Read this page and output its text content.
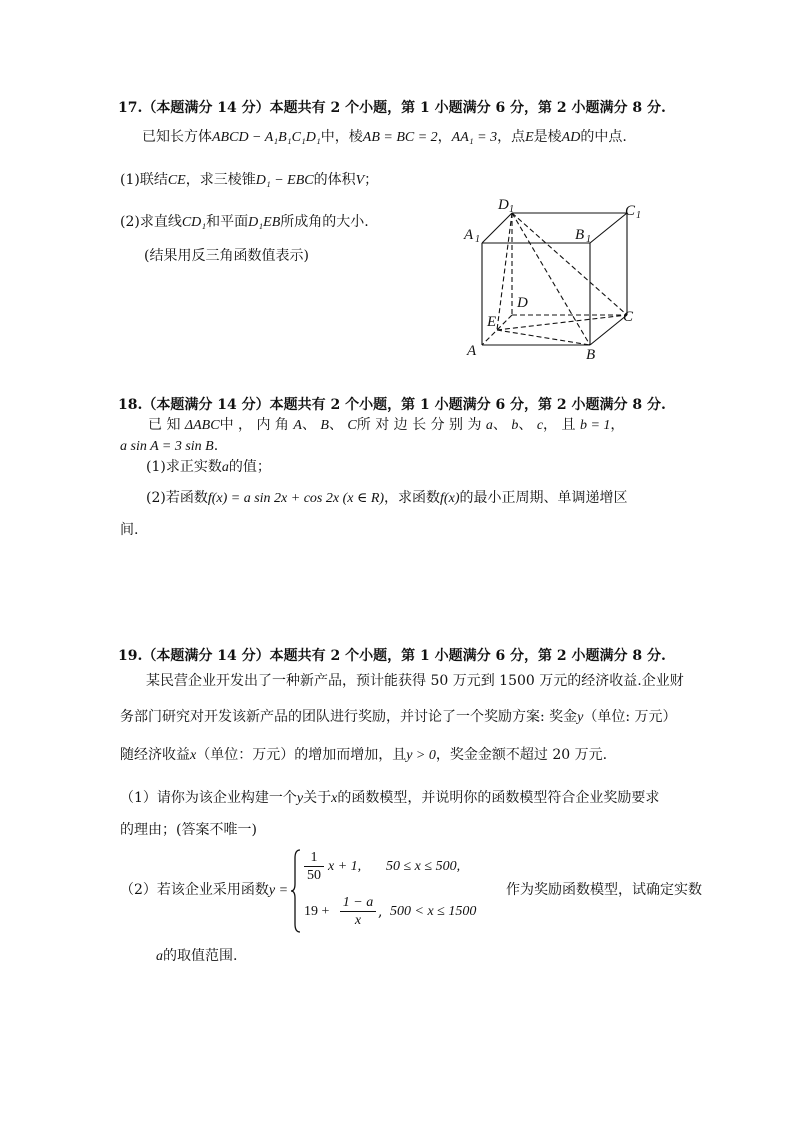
17.（本题满分 14 分）本题共有 2 个小题，第 1 小题满分 6 分，第 2 小题满分 8 分.
已知长方体ABCD − A₁B₁C₁D₁中，棱AB = BC = 2，AA₁ = 3，点E是棱AD的中点.
(1)联结CE，求三棱锥D₁ − EBC的体积V；
(2)求直线CD₁和平面D₁EB所成角的大小.
(结果用反三角函数值表示)
D 1	C 1
A 1	B 1
D
E	C
A	B
18.（本题满分 14 分）本题共有 2 个小题，第 1 小题满分 6 分，第 2 小题满分 8 分.
已 知 ΔABC中 ， 内 角 A、 B、 C所 对 边 长 分 别 为 a、 b、 c， 且 b = 1，
a sin A = 3 sin B.
(1)求正实数a的值；
(2)若函数f(x) = a sin 2x + cos 2x (x ∈ R)，求函数f(x)的最小正周期、单调递增区
间.
19.（本题满分 14 分）本题共有 2 个小题，第 1 小题满分 6 分，第 2 小题满分 8 分.
某民营企业开发出了一种新产品，预计能获得 50 万元到 1500 万元的经济收益.企业财
务部门研究对开发该新产品的团队进行奖励，并讨论了一个奖励方案: 奖金y（单位: 万元）
随经济收益x（单位：万元）的增加而增加，且y > 0，奖金金额不超过 20 万元.
（1）请你为该企业构建一个y关于x的函数模型，并说明你的函数模型符合企业奖励要求
的理由；(答案不唯一)
（2）若该企业采用函数y =
$\frac{1}{50}$ x + 1, 50 ≤ x ≤ 500,
$19 + \frac{1 - a}{x}$ , 500 < x ≤ 1500
作为奖励函数模型，试确定实数
a的取值范围.
